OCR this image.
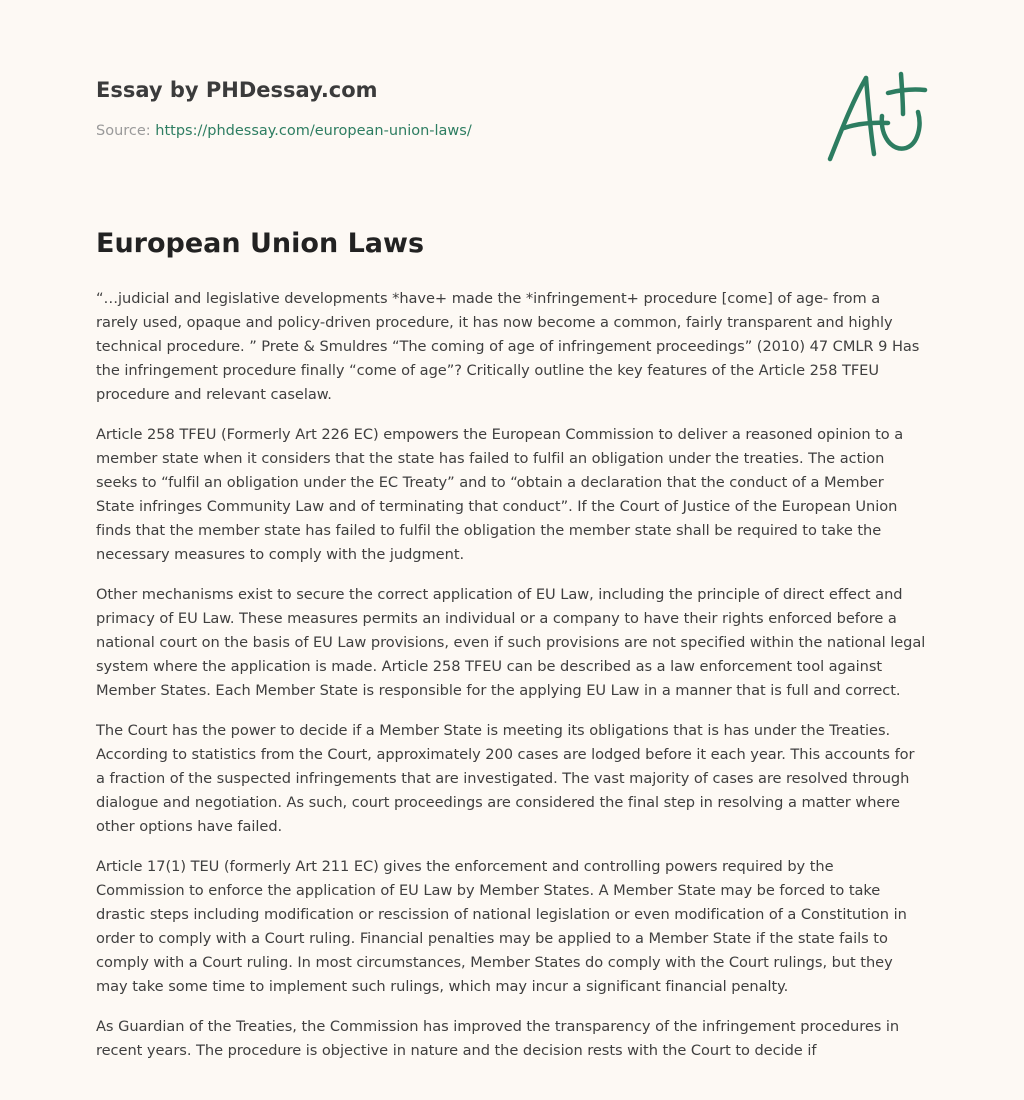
Essay by PHDessay.com
Source: https://phdessay.com/european-union-laws/
European Union Laws

“…judicial and legislative developments *have+ made the *infringement+ procedure [come] of age- from a rarely used, opaque and policy-driven procedure, it has now become a common, fairly transparent and highly technical procedure. ” Prete & Smuldres “The coming of age of infringement proceedings” (2010) 47 CMLR 9 Has the infringement procedure finally “come of age”? Critically outline the key features of the Article 258 TFEU procedure and relevant caselaw.

Article 258 TFEU (Formerly Art 226 EC) empowers the European Commission to deliver a reasoned opinion to a member state when it considers that the state has failed to fulfil an obligation under the treaties. The action seeks to “fulfil an obligation under the EC Treaty” and to “obtain a declaration that the conduct of a Member State infringes Community Law and of terminating that conduct”. If the Court of Justice of the European Union finds that the member state has failed to fulfil the obligation the member state shall be required to take the necessary measures to comply with the judgment.

Other mechanisms exist to secure the correct application of EU Law, including the principle of direct effect and primacy of EU Law. These measures permits an individual or a company to have their rights enforced before a national court on the basis of EU Law provisions, even if such provisions are not specified within the national legal system where the application is made. Article 258 TFEU can be described as a law enforcement tool against Member States. Each Member State is responsible for the applying EU Law in a manner that is full and correct.

The Court has the power to decide if a Member State is meeting its obligations that is has under the Treaties. According to statistics from the Court, approximately 200 cases are lodged before it each year. This accounts for a fraction of the suspected infringements that are investigated. The vast majority of cases are resolved through dialogue and negotiation. As such, court proceedings are considered the final step in resolving a matter where other options have failed.

Article 17(1) TEU (formerly Art 211 EC) gives the enforcement and controlling powers required by the Commission to enforce the application of EU Law by Member States. A Member State may be forced to take drastic steps including modification or rescission of national legislation or even modification of a Constitution in order to comply with a Court ruling. Financial penalties may be applied to a Member State if the state fails to comply with a Court ruling. In most circumstances, Member States do comply with the Court rulings, but they may take some time to implement such rulings, which may incur a significant financial penalty.

As Guardian of the Treaties, the Commission has improved the transparency of the infringement procedures in recent years. The procedure is objective in nature and the decision rests with the Court to decide if
